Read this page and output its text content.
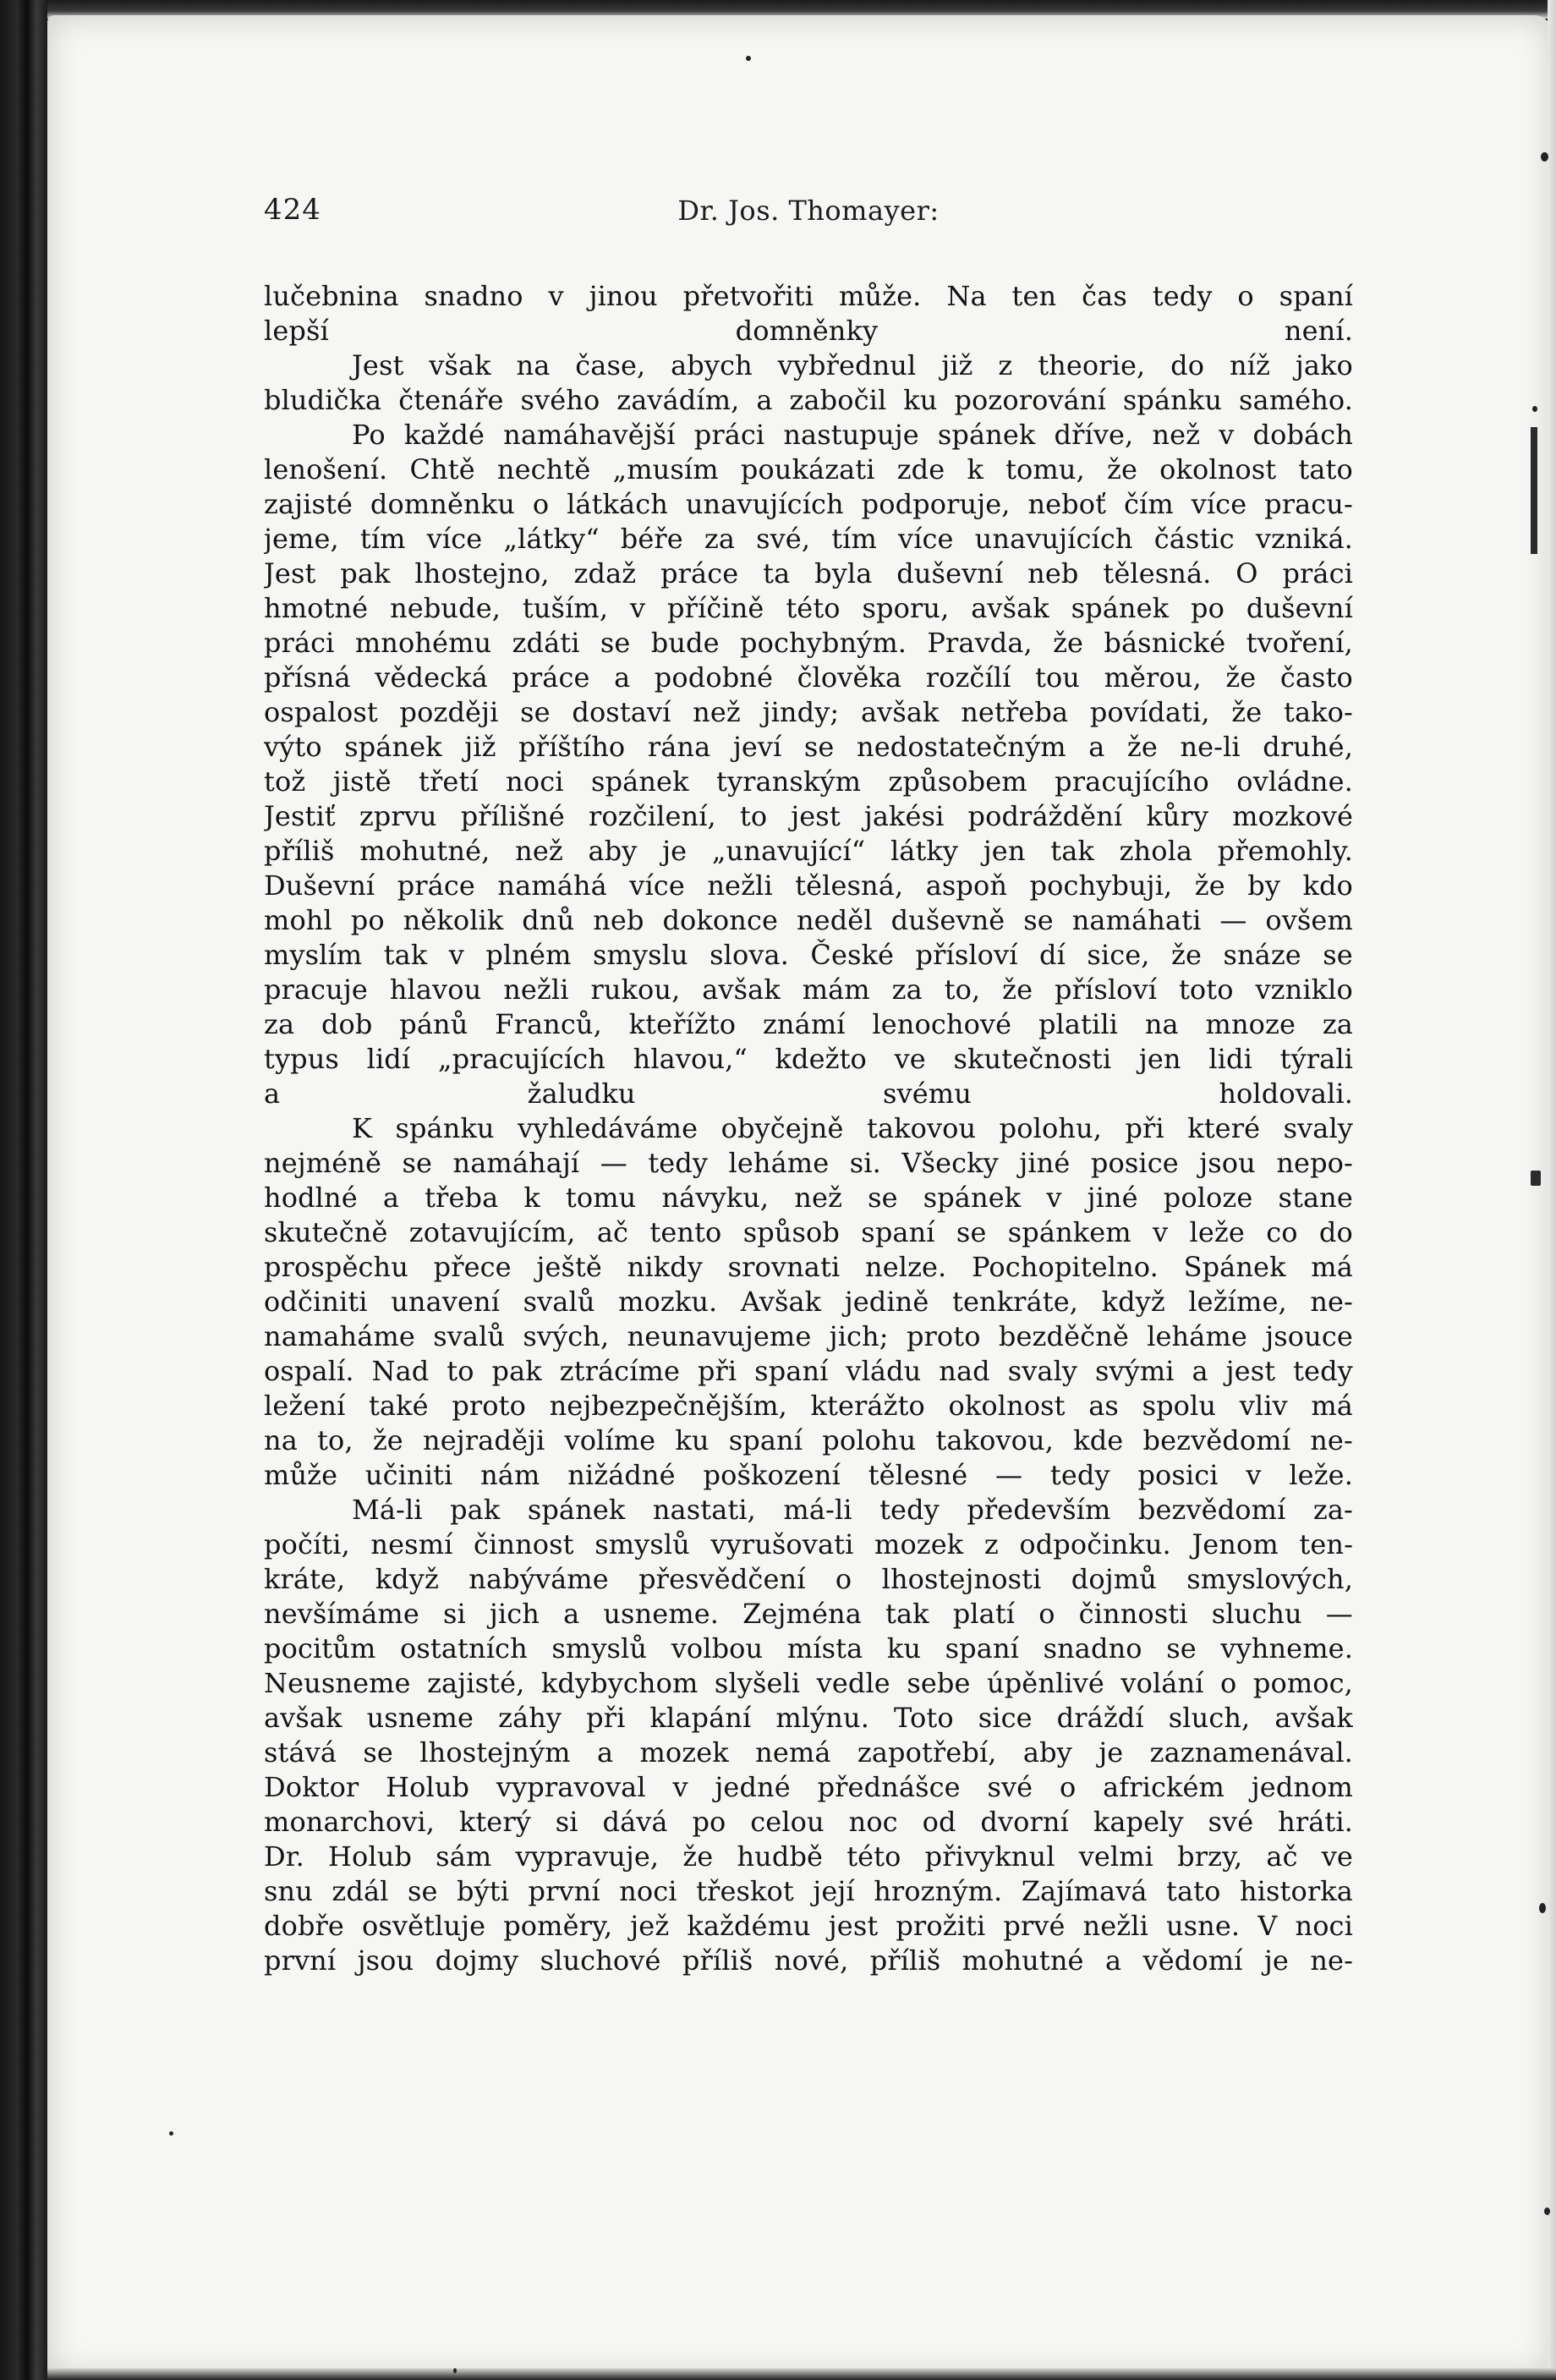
424	Dr. Jos. Thomayer:
lučebnina snadno v jinou přetvořiti může. Na ten čas tedy o spaní
lepší domněnky není.
Jest však na čase, abych vybřednul již z theorie, do níž jako
bludička čtenáře svého zavádím, a zabočil ku pozorování spánku samého.
Po každé namáhavější práci nastupuje spánek dříve, než v dobách
lenošení. Chtě nechtě „musím poukázati zde k tomu, že okolnost tato
zajisté domněnku o látkách unavujících podporuje, neboť čím více pracu-
jeme, tím více „látky“ béře za své, tím více unavujících částic vzniká.
Jest pak lhostejno, zdaž práce ta byla duševní neb tělesná. O práci
hmotné nebude, tuším, v příčině této sporu, avšak spánek po duševní
práci mnohému zdáti se bude pochybným. Pravda, že básnické tvoření,
přísná vědecká práce a podobné člověka rozčílí tou měrou, že často
ospalost později se dostaví než jindy; avšak netřeba povídati, že tako-
výto spánek již příštího rána jeví se nedostatečným a že ne-li druhé,
tož jistě třetí noci spánek tyranským způsobem pracujícího ovládne.
Jestiť zprvu přílišné rozčilení, to jest jakési podráždění kůry mozkové
příliš mohutné, než aby je „unavující“ látky jen tak zhola přemohly.
Duševní práce namáhá více nežli tělesná, aspoň pochybuji, že by kdo
mohl po několik dnů neb dokonce neděl duševně se namáhati — ovšem
myslím tak v plném smyslu slova. České přísloví dí sice, že snáze se
pracuje hlavou nežli rukou, avšak mám za to, že přísloví toto vzniklo
za dob pánů Franců, kteřížto známí lenochové platili na mnoze za
typus lidí „pracujících hlavou,“ kdežto ve skutečnosti jen lidi týrali
a žaludku svému holdovali.
K spánku vyhledáváme obyčejně takovou polohu, při které svaly
nejméně se namáhají — tedy lehámе si. Všecky jiné posice jsou nepo-
hodlné a třeba k tomu návyku, než se spánek v jiné poloze stane
skutečně zotavujícím, ač tento spůsob spaní se spánkem v leže co do
prospěchu přece ještě nikdy srovnati nelze. Pochopitelno. Spánek má
odčiniti unavení svalů mozku. Avšak jedině tenkráte, když ležíme, ne-
namaháme svalů svých, neunavujeme jich; proto bezděčně leháme jsouce
ospalí. Nad to pak ztrácíme při spaní vládu nad svaly svými a jest tedy
ležení také proto nejbezpečnějším, kterážto okolnost as spolu vliv má
na to, že nejraději volíme ku spaní polohu takovou, kde bezvědomí ne-
může učiniti nám nižádné poškození tělesné — tedy posici v leže.
Má-li pak spánek nastati, má-li tedy především bezvědomí za-
počíti, nesmí činnost smyslů vyrušovati mozek z odpočinku. Jenom ten-
kráte, když nabýváme přesvědčení o lhostejnosti dojmů smyslových,
nevšímáme si jich a usneme. Zejména tak platí o činnosti sluchu —
pocitům ostatních smyslů volbou místa ku spaní snadno se vyhneme.
Neusneme zajisté, kdybychom slyšeli vedle sebe úpěnlivé volání o pomoc,
avšak usneme záhy při klapání mlýnu. Toto sice dráždí sluch, avšak
stává se lhostejným a mozek nemá zapotřebí, aby je zaznamenával.
Doktor Holub vypravoval v jedné přednášce své o africkém jednom
monarchovi, který si dává po celou noc od dvorní kapely své hráti.
Dr. Holub sám vypravuje, že hudbě této přivyknul velmi brzy, ač ve
snu zdál se býti první noci třeskot její hrozným. Zajímavá tato historka
dobře osvětluje poměry, jež každému jest prožiti prvé nežli usne. V noci
první jsou dojmy sluchové příliš nové, příliš mohutné a vědomí je ne-
